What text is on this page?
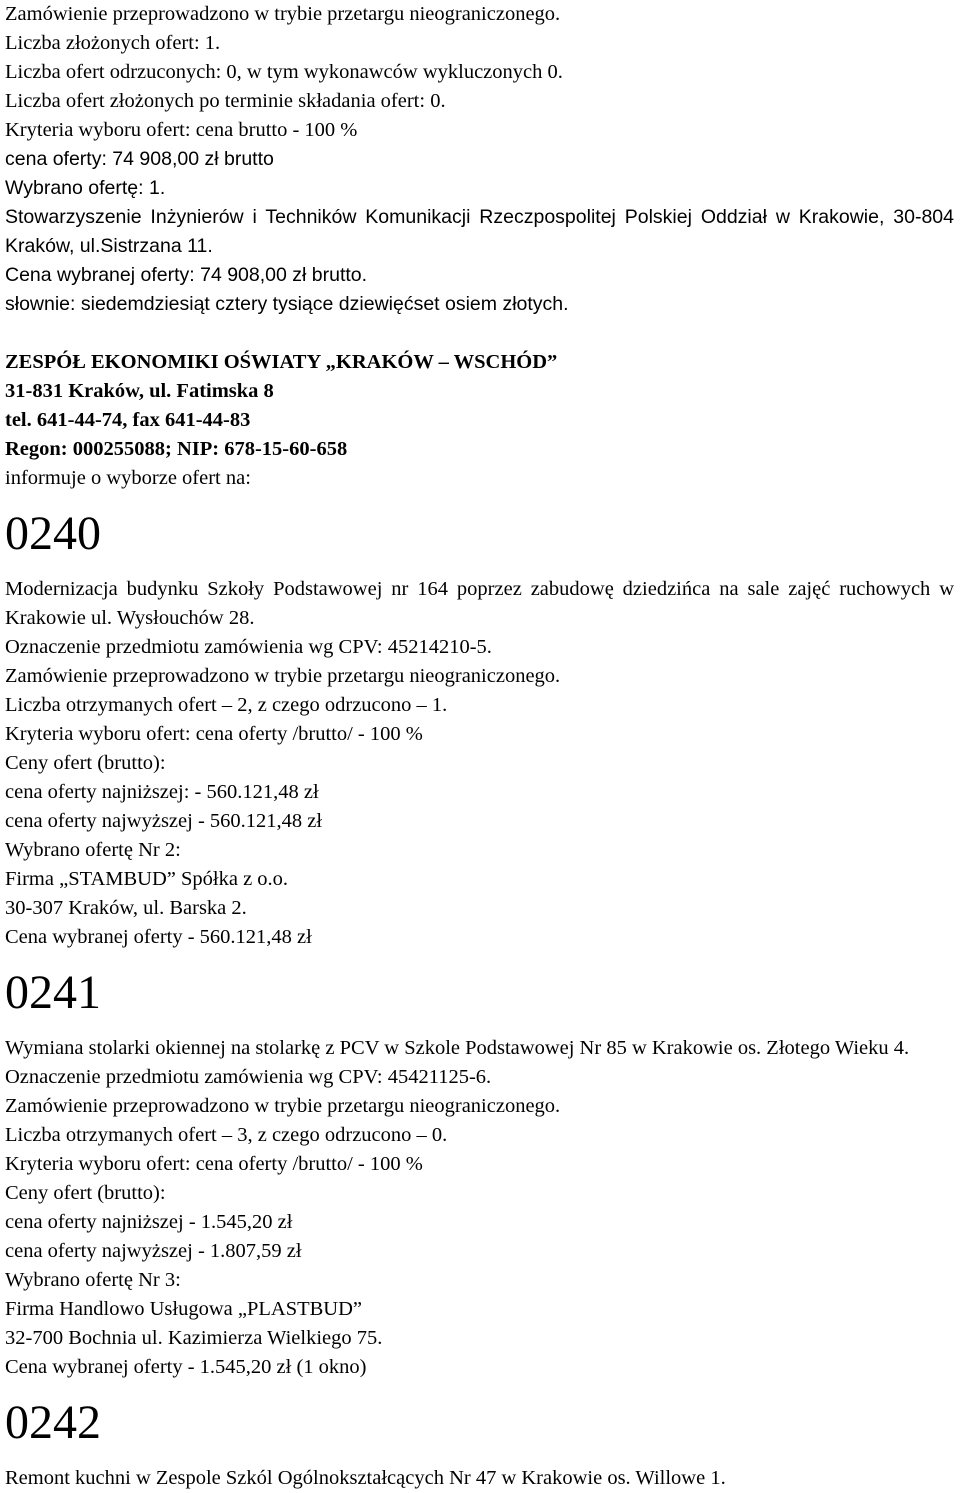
Zamówienie przeprowadzono w trybie przetargu nieograniczonego.

Liczba złożonych ofert: 1.

Liczba ofert odrzuconych: 0, w tym wykonawców wykluczonych 0.

Liczba ofert złożonych po terminie składania ofert: 0.

Kryteria wyboru ofert: cena brutto - 100 %

cena oferty: 74 908,00 zł brutto

Wybrano ofertę: 1.

Stowarzyszenie Inżynierów i Techników Komunikacji Rzeczpospolitej Polskiej Oddział w Krakowie, 30-804 Kraków, ul.Sistrzana 11.

Cena wybranej oferty: 74 908,00 zł brutto.

słownie: siedemdziesiąt cztery tysiące dziewięćset osiem złotych.

ZESPÓŁ EKONOMIKI OŚWIATY „KRAKÓW – WSCHÓD”

31-831 Kraków, ul. Fatimska 8

tel. 641-44-74, fax 641-44-83

Regon: 000255088; NIP: 678-15-60-658

informuje o wyborze ofert na:

0240

Modernizacja budynku Szkoły Podstawowej nr 164 poprzez zabudowę dziedzińca na sale zajęć ruchowych w Krakowie ul. Wysłouchów 28.

Oznaczenie przedmiotu zamówienia wg CPV: 45214210-5.

Zamówienie przeprowadzono w trybie przetargu nieograniczonego.

Liczba otrzymanych ofert – 2, z czego odrzucono – 1.

Kryteria wyboru ofert: cena oferty /brutto/ - 100 %

Ceny ofert (brutto):

cena oferty najniższej: - 560.121,48 zł

cena oferty najwyższej - 560.121,48 zł

Wybrano ofertę Nr 2:

Firma „STAMBUD” Spółka z o.o.

30-307 Kraków, ul. Barska 2.

Cena wybranej oferty - 560.121,48 zł

0241

Wymiana stolarki okiennej na stolarkę z PCV w Szkole Podstawowej Nr 85 w Krakowie os. Złotego Wieku 4.

Oznaczenie przedmiotu zamówienia wg CPV: 45421125-6.

Zamówienie przeprowadzono w trybie przetargu nieograniczonego.

Liczba otrzymanych ofert – 3, z czego odrzucono – 0.

Kryteria wyboru ofert: cena oferty /brutto/ - 100 %

Ceny ofert (brutto):

cena oferty najniższej - 1.545,20 zł

cena oferty najwyższej - 1.807,59 zł

Wybrano ofertę Nr 3:

Firma Handlowo Usługowa „PLASTBUD”

32-700 Bochnia ul. Kazimierza Wielkiego 75.

Cena wybranej oferty - 1.545,20 zł (1 okno)

0242

Remont kuchni w Zespole Szkól Ogólnokształcących Nr 47 w Krakowie os. Willowe 1.
